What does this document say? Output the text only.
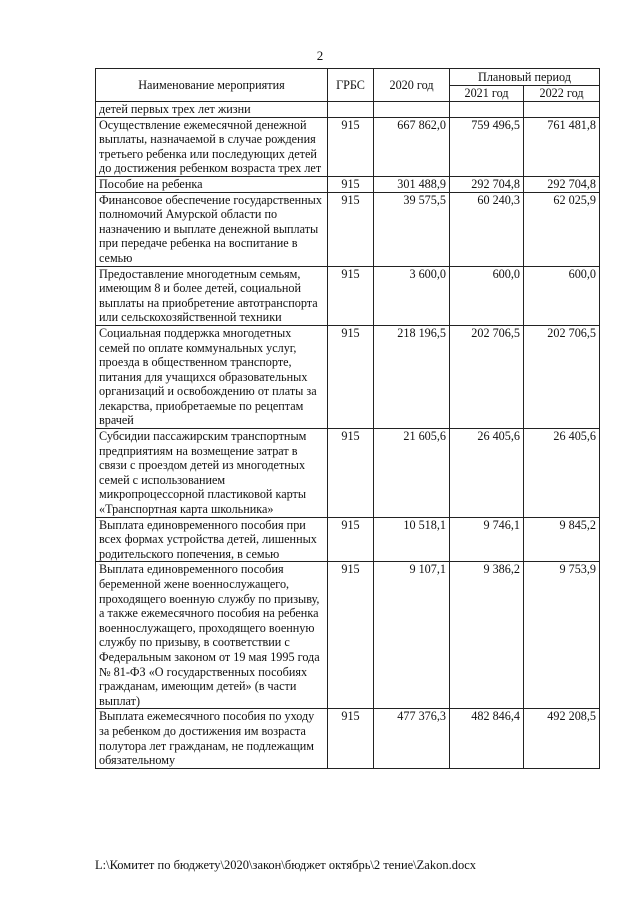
2
Наименование мероприятия	ГРБС	2020 год	Плановый период	
			2021 год	2022 год
детей первых трех лет жизни				
Осуществление ежемесячной денежной выплаты, назначаемой в случае рождения третьего ребенка или последующих детей до достижения ребенком возраста трех лет	915	667 862,0	759 496,5	761 481,8
Пособие на ребенка	915	301 488,9	292 704,8	292 704,8
Финансовое обеспечение государственных полномочий Амурской области по назначению и выплате денежной выплаты при передаче ребенка на воспитание в семью	915	39 575,5	60 240,3	62 025,9
Предоставление многодетным семьям, имеющим 8 и более детей, социальной выплаты на приобретение автотранспорта или сельскохозяйственной техники	915	3 600,0	600,0	600,0
Социальная поддержка многодетных семей по оплате коммунальных услуг, проезда в общественном транспорте, питания для учащихся образовательных организаций и освобождению от платы за лекарства, приобретаемые по рецептам врачей	915	218 196,5	202 706,5	202 706,5
Субсидии пассажирским транспортным предприятиям на возмещение затрат в связи с проездом детей из многодетных семей с использованием микропроцессорной пластиковой карты «Транспортная карта школьника»	915	21 605,6	26 405,6	26 405,6
Выплата единовременного пособия при всех формах устройства детей, лишенных родительского попечения, в семью	915	10 518,1	9 746,1	9 845,2
Выплата единовременного пособия беременной жене военнослужащего, проходящего военную службу по призыву, а также ежемесячного пособия на ребенка военнослужащего, проходящего военную службу по призыву, в соответствии с Федеральным законом от 19 мая 1995 года № 81-ФЗ «О государственных пособиях гражданам, имеющим детей» (в части выплат)	915	9 107,1	9 386,2	9 753,9
Выплата ежемесячного пособия по уходу за ребенком до достижения им возраста полутора лет гражданам, не подлежащим обязательному	915	477 376,3	482 846,4	492 208,5
L:\Комитет по бюджету\2020\закон\бюджет октябрь\2 тение\Zakon.docx
